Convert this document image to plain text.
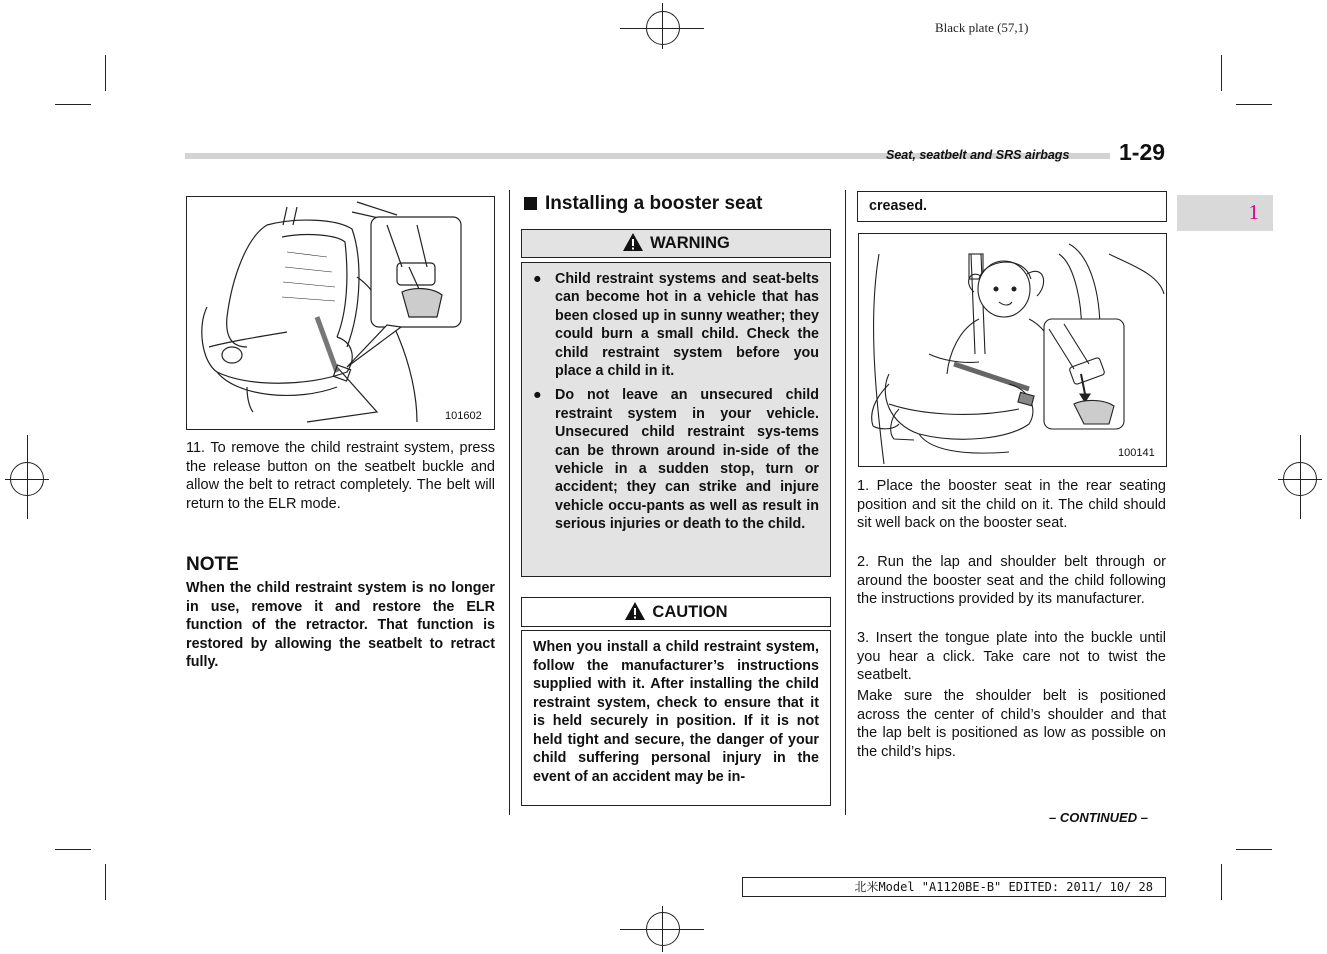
Black plate (57,1)
Seat, seatbelt and SRS airbags 1-29
1
101602

11. To remove the child restraint system, press the release button on the seatbelt buckle and allow the belt to retract completely. The belt will return to the ELR mode.

NOTE

When the child restraint system is no longer in use, remove it and restore the ELR function of the retractor. That function is restored by allowing the seatbelt to retract fully.

Installing a booster seat
WARNING
● Child restraint systems and seat-belts can become hot in a vehicle that has been closed up in sunny weather; they could burn a small child. Check the child restraint system before you place a child in it.
● Do not leave an unsecured child restraint system in your vehicle. Unsecured child restraint sys-tems can be thrown around in-side of the vehicle in a sudden stop, turn or accident; they can strike and injure vehicle occu-pants as well as result in serious injuries or death to the child.
CAUTION
When you install a child restraint system, follow the manufacturer’s instructions supplied with it. After installing the child restraint system, check to ensure that it is held securely in position. If it is not held tight and secure, the danger of your child suffering personal injury in the event of an accident may be in-
creased.
100141

1. Place the booster seat in the rear seating position and sit the child on it. The child should sit well back on the booster seat.

2. Run the lap and shoulder belt through or around the booster seat and the child following the instructions provided by its manufacturer.

3. Insert the tongue plate into the buckle until you hear a click. Take care not to twist the seatbelt.

Make sure the shoulder belt is positioned across the center of child’s shoulder and that the lap belt is positioned as low as possible on the child’s hips.

– CONTINUED –
北米Model "A1120BE-B" EDITED: 2011/ 10/ 28
